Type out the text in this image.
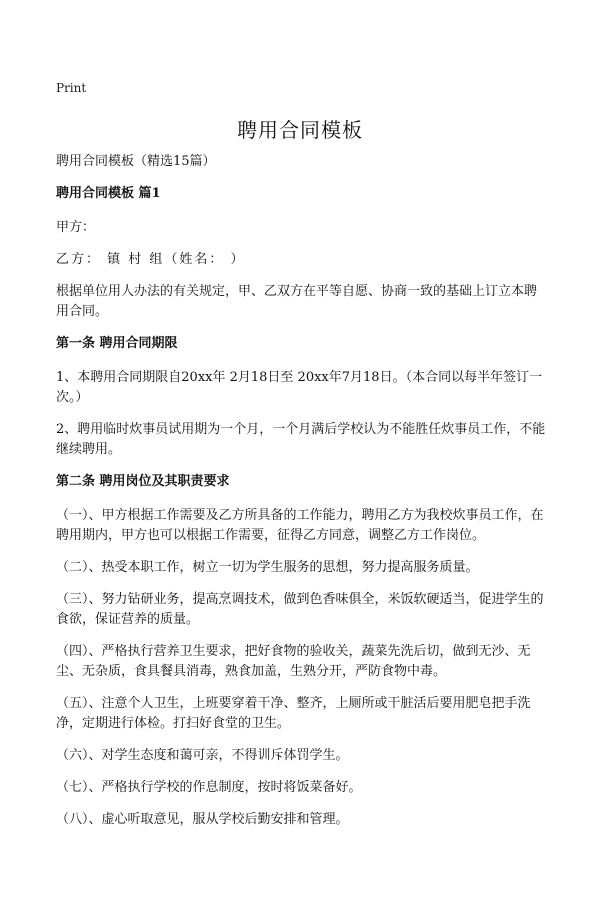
Print
聘用合同模板

聘用合同模板（精选15篇）

聘用合同模板 篇1

甲方：

乙方： 镇 村 组（姓名： ）

根据单位用人办法的有关规定，甲、乙双方在平等自愿、协商一致的基础上订立本聘用合同。

第一条 聘用合同期限

1、本聘用合同期限自20xx年 2月18日至 20xx年7月18日。（本合同以每半年签订一次。）

2、聘用临时炊事员试用期为一个月，一个月满后学校认为不能胜任炊事员工作，不能继续聘用。

第二条 聘用岗位及其职责要求

（一）、甲方根据工作需要及乙方所具备的工作能力，聘用乙方为我校炊事员工作，在聘用期内，甲方也可以根据工作需要，征得乙方同意，调整乙方工作岗位。

（二）、热受本职工作，树立一切为学生服务的思想，努力提高服务质量。

（三）、努力钻研业务，提高烹调技术，做到色香味俱全，米饭软硬适当，促进学生的食欲，保证营养的质量。

（四）、严格执行营养卫生要求，把好食物的验收关，蔬菜先洗后切，做到无沙、无尘、无杂质，食具餐具消毒，熟食加盖，生熟分开，严防食物中毒。

（五）、注意个人卫生，上班要穿着干净、整齐，上厕所或干脏活后要用肥皂把手洗净，定期进行体检。打扫好食堂的卫生。

（六）、对学生态度和蔼可亲，不得训斥体罚学生。

（七）、严格执行学校的作息制度，按时将饭菜备好。

（八）、虚心听取意见，服从学校后勤安排和管理。
